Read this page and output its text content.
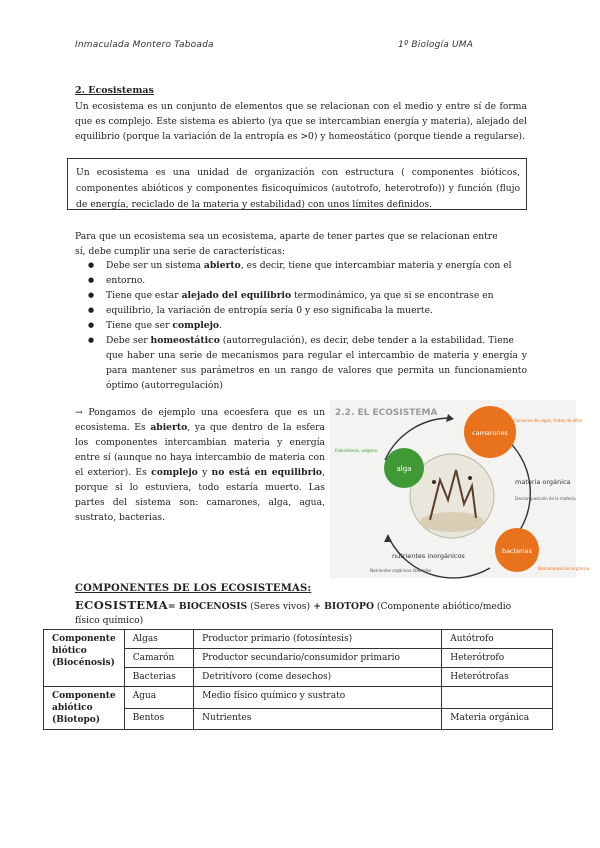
Inmaculada Montero Taboada	1º Biología UMA
2. Ecosistemas
Un ecosistema es un conjunto de elementos que se relacionan con el medio y entre sí de forma que es complejo. Este sistema es abierto (ya que se intercambian energía y materia), alejado del equilibrio (porque la variación de la entropía es >0) y homeostático (porque tiende a regularse).
Un ecosistema es una unidad de organización con estructura ( componentes bióticos, componentes abióticos y componentes fisicoquímicos (autotrofo, heterotrofo)) y función (flujo de energía, reciclado de la materia y estabilidad) con unos límites definidos.
Para que un ecosistema sea un ecosistema, aparte de tener partes que se relacionan entre
sí, debe cumplir una serie de características:
● Debe ser un sistema abierto, es decir, tiene que intercambiar materia y energía con el
● entorno.
● Tiene que estar alejado del equilibrio termodinámico, ya que si se encontrase en
● equilibrio, la variación de entropía sería 0 y eso significaba la muerte.
● Tiene que ser complejo.
● Debe ser homeostático (autorregulación), es decir, debe tender a la estabilidad. Tiene
que haber una serie de mecanismos para regular el intercambio de materia y energía y para mantener sus parámetros en un rango de valores que permita un funcionamiento óptimo (autorregulación)
→ Pongamos de ejemplo una ecoesfera que es un ecosistema. Es abierto, ya que dentro de la esfera los componentes intercambian materia y energía entre sí (aunque no haya intercambio de materia con el exterior). Es complejo y no está en equilibrio, porque si lo estuviera, todo estaría muerto. Las partes del sistema son: camarones, alga, agua, sustrato, bacterias.
2.2. EL ECOSISTEMA
camarones
alga
bacterias
materia orgánica
nutrientes inorgánicos
Consumo de algas, frutos de ellas
Descomposición de la materia
Fotosíntesis, oxígeno
Nutrientes orgánicos liberados	Descomposición orgánica
COMPONENTES DE LOS ECOSISTEMAS:
ECOSISTEMA= BIOCENOSIS (Seres vivos) + BIOTOPO (Componente abiótico/medio físico químico)
Componente biótico (Biocénosis)	Algas	Productor primario (fotosíntesis)	Autótrofo
	Camarón	Productor secundario/consumidor primario	Heterótrofo
	Bacterias	Detritívoro (come desechos)	Heterótrofas
Componente abiótico (Biotopo)	Agua	Medio físico químico y sustrato	
	Bentos	Nutrientes	Materia orgánica
